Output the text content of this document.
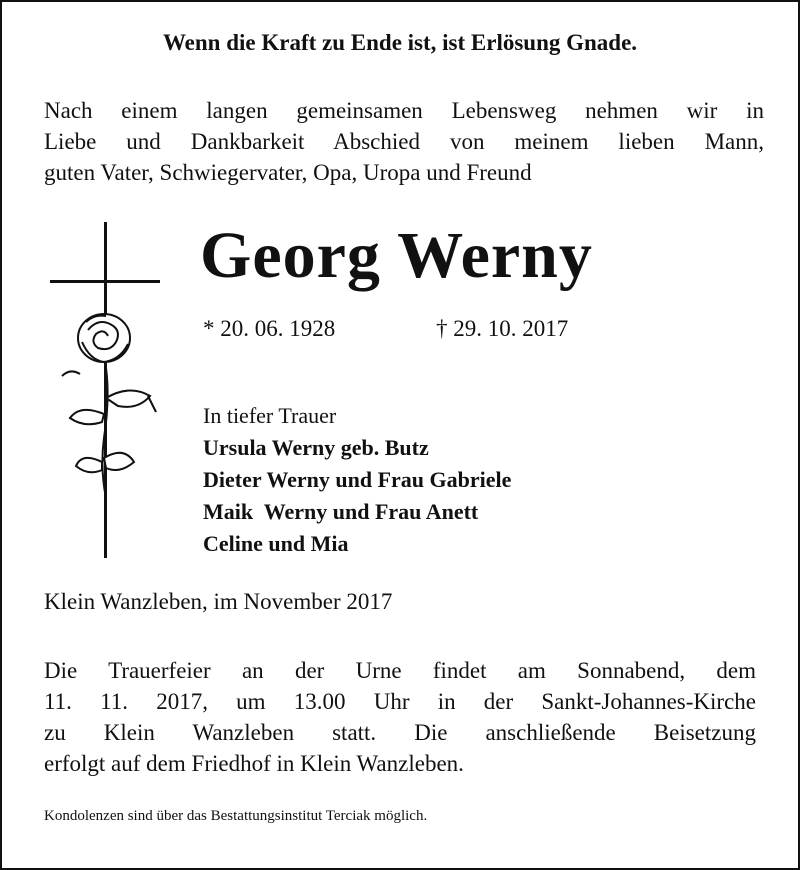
Wenn die Kraft zu Ende ist, ist Erlösung Gnade.
Nach einem langen gemeinsamen Lebensweg nehmen wir in
Liebe und Dankbarkeit Abschied von meinem lieben Mann,
guten Vater, Schwiegervater, Opa, Uropa und Freund
Georg Werny
* 20. 06. 1928	† 29. 10. 2017
In tiefer Trauer
Ursula Werny geb. Butz
Dieter Werny und Frau Gabriele
Maik  Werny und Frau Anett
Celine und Mia
Klein Wanzleben, im November 2017
Die Trauerfeier an der Urne findet am Sonnabend, dem
11. 11. 2017, um 13.00 Uhr in der Sankt-Johannes-Kirche
zu Klein Wanzleben statt. Die anschließende Beisetzung
erfolgt auf dem Friedhof in Klein Wanzleben.
Kondolenzen sind über das Bestattungsinstitut Terciak möglich.
